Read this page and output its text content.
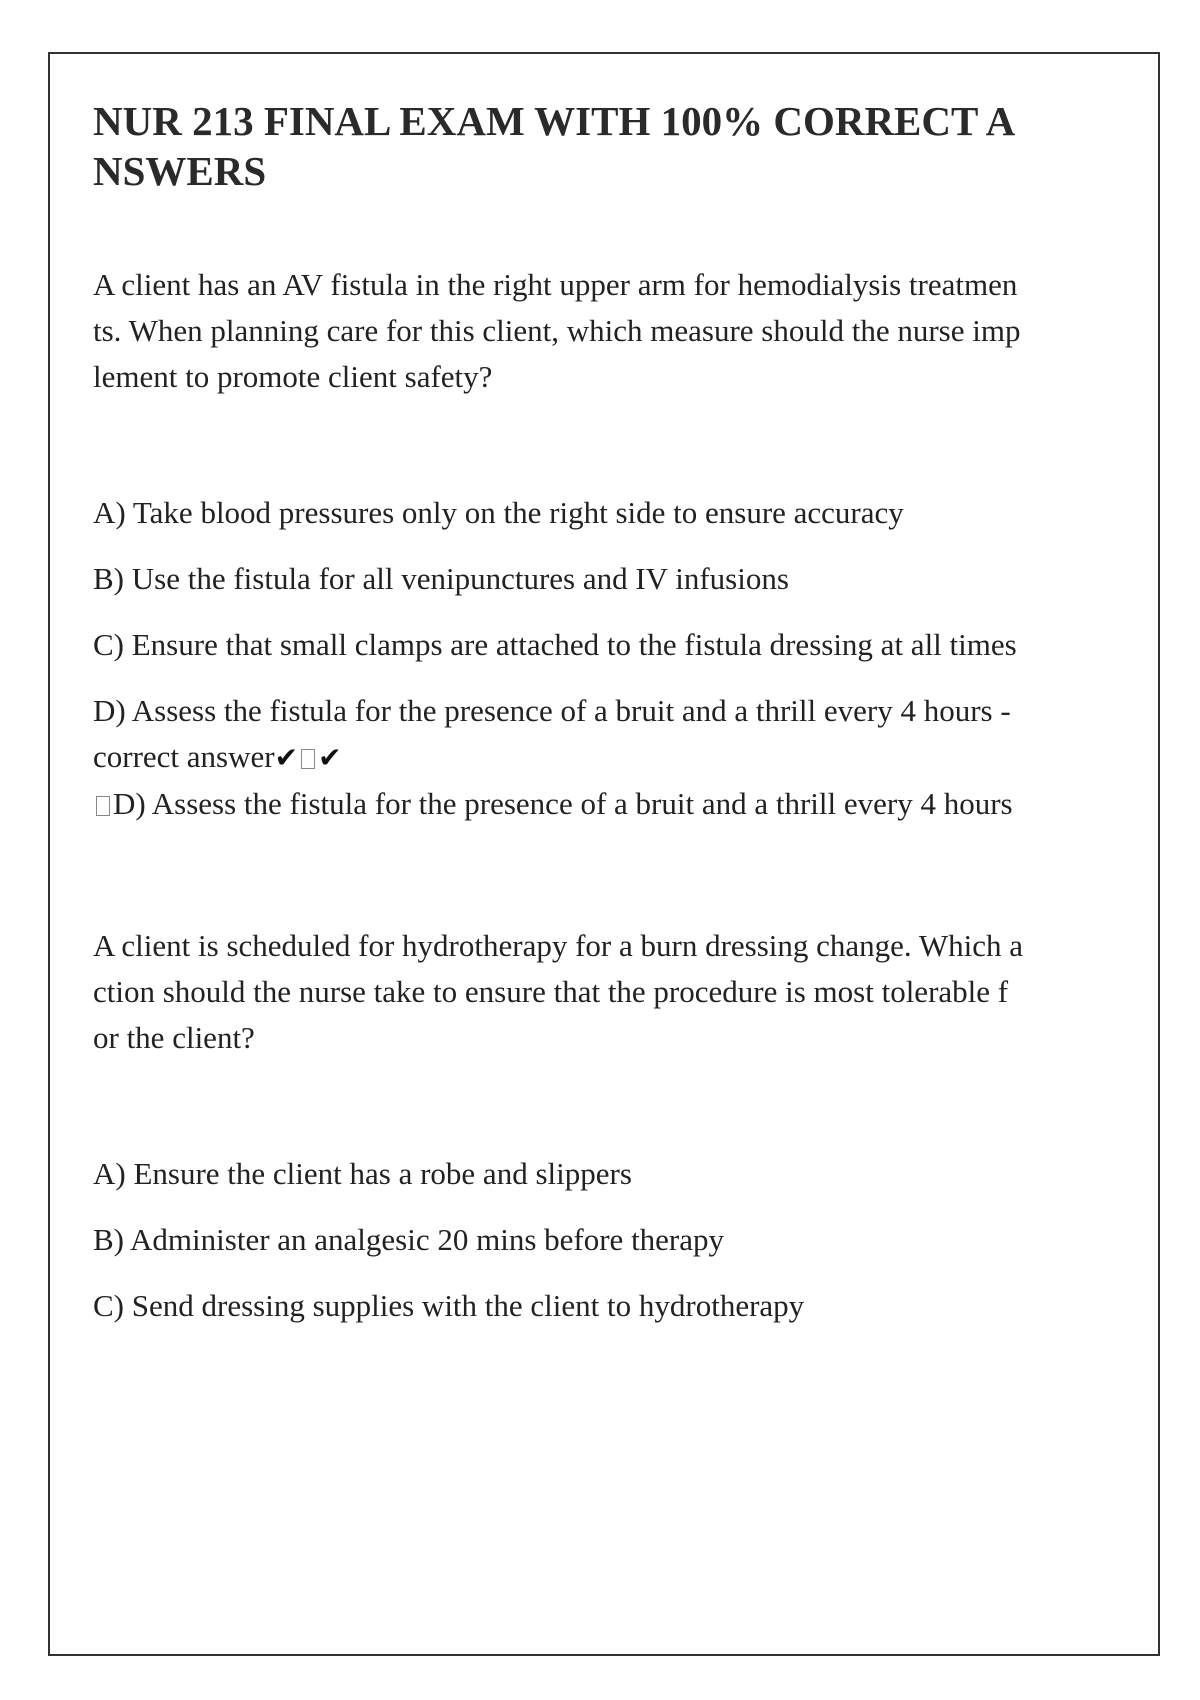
NUR 213 FINAL EXAM WITH 100% CORRECT ANSWERS

A client has an AV fistula in the right upper arm for hemodialysis treatments. When planning care for this client, which measure should the nurse implement to promote client safety?

A) Take blood pressures only on the right side to ensure accuracy

B) Use the fistula for all venipunctures and IV infusions

C) Ensure that small clamps are attached to the fistula dressing at all times

D) Assess the fistula for the presence of a bruit and a thrill every 4 hours - correct answer✔ ✔

D) Assess the fistula for the presence of a bruit and a thrill every 4 hours

A client is scheduled for hydrotherapy for a burn dressing change. Which action should the nurse take to ensure that the procedure is most tolerable for the client?

A) Ensure the client has a robe and slippers

B) Administer an analgesic 20 mins before therapy

C) Send dressing supplies with the client to hydrotherapy
